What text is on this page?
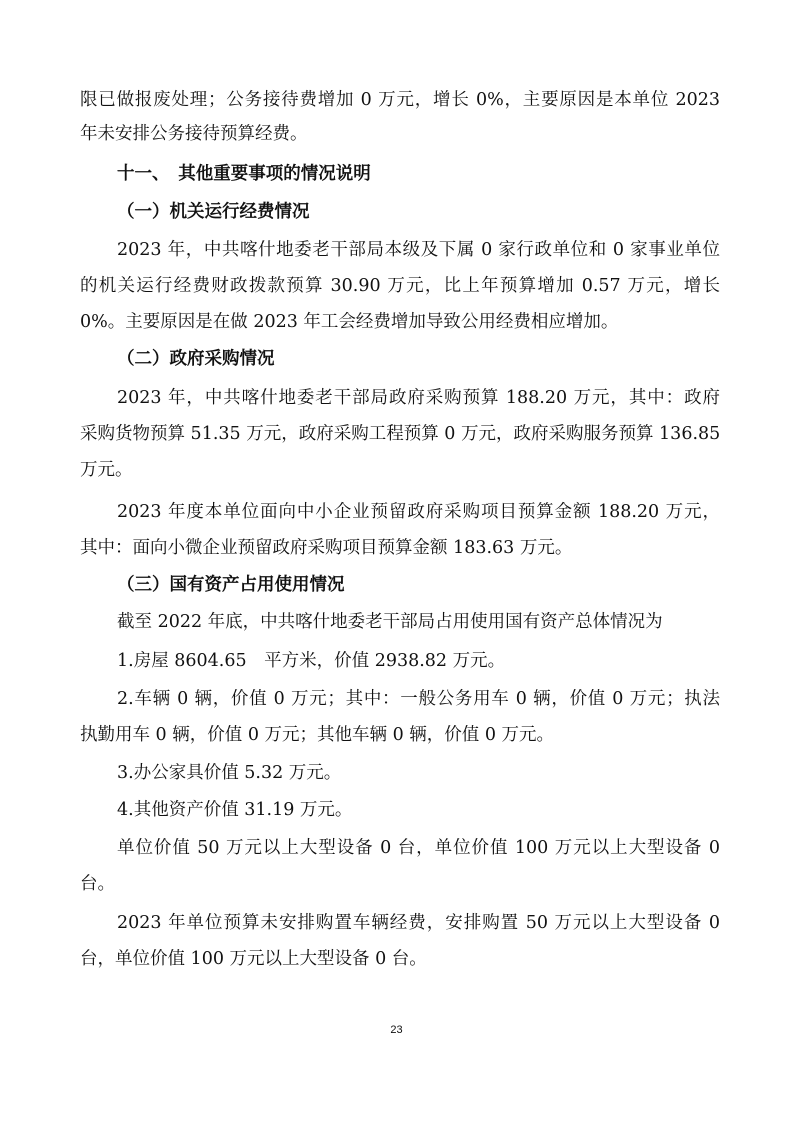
限已做报废处理；公务接待费增加 0 万元，增长 0%，主要原因是本单位 2023
年未安排公务接待预算经费。
十一、　其他重要事项的情况说明
（一）机关运行经费情况
2023 年，中共喀什地委老干部局本级及下属 0 家行政单位和 0 家事业单位
的机关运行经费财政拨款预算 30.90 万元，比上年预算增加 0.57 万元，增长
0%。主要原因是在做 2023 年工会经费增加导致公用经费相应增加。
（二）政府采购情况
2023 年，中共喀什地委老干部局政府采购预算 188.20 万元，其中：政府
采购货物预算 51.35 万元，政府采购工程预算 0 万元，政府采购服务预算 136.85
万元。
2023 年度本单位面向中小企业预留政府采购项目预算金额 188.20 万元，
其中：面向小微企业预留政府采购项目预算金额 183.63 万元。
（三）国有资产占用使用情况
截至 2022 年底，中共喀什地委老干部局占用使用国有资产总体情况为
1.房屋 8604.65　平方米，价值 2938.82 万元。
2.车辆 0 辆，价值 0 万元；其中：一般公务用车 0 辆，价值 0 万元；执法
执勤用车 0 辆，价值 0 万元；其他车辆 0 辆，价值 0 万元。
3.办公家具价值 5.32 万元。
4.其他资产价值 31.19 万元。
单位价值 50 万元以上大型设备 0 台，单位价值 100 万元以上大型设备 0
台。
2023 年单位预算未安排购置车辆经费，安排购置 50 万元以上大型设备 0
台，单位价值 100 万元以上大型设备 0 台。
23
